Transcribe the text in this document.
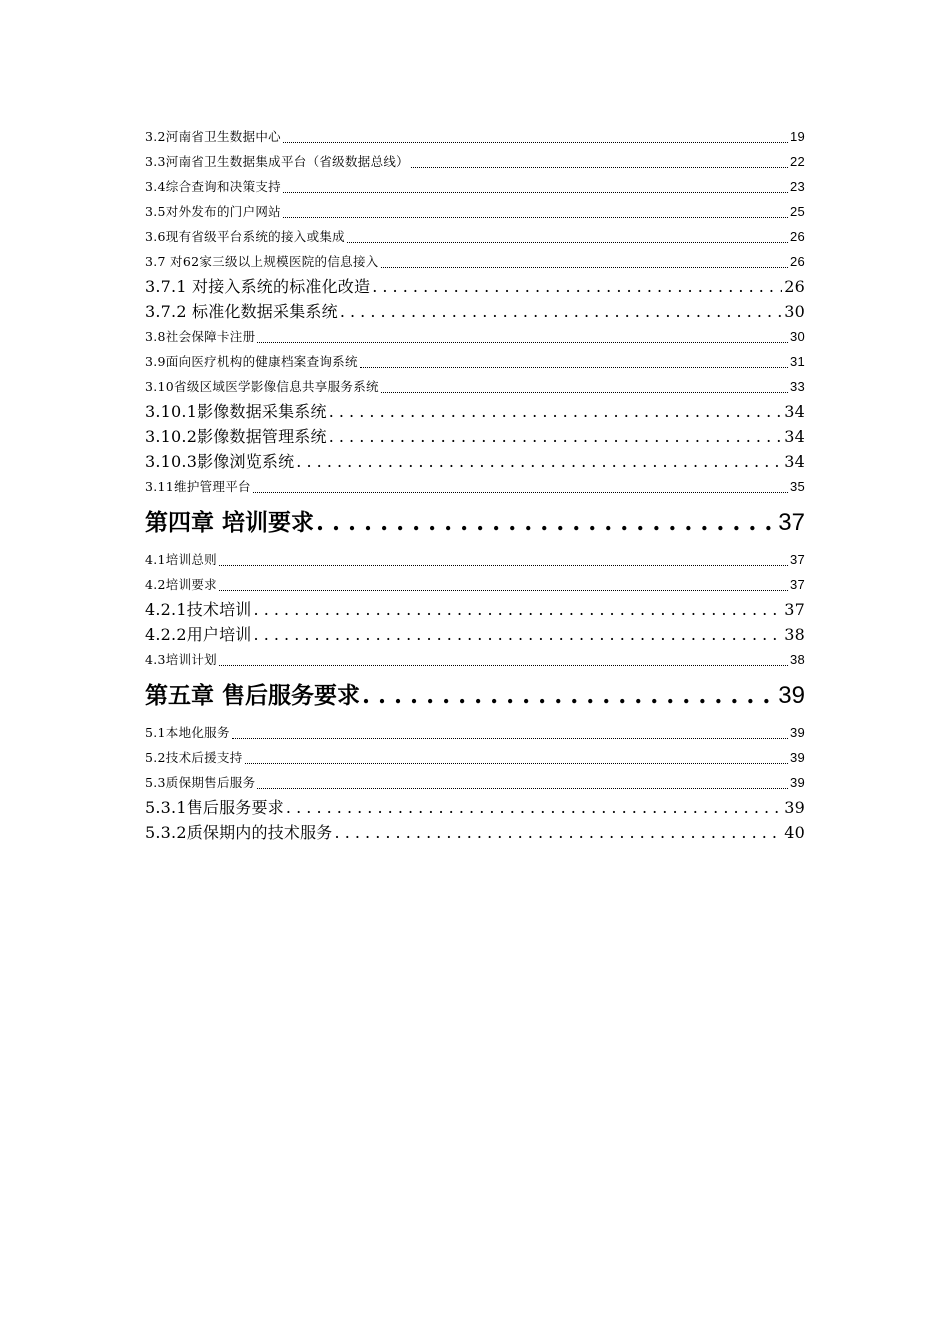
3.2河南省卫生数据中心	19
3.3河南省卫生数据集成平台（省级数据总线）	22
3.4综合查询和决策支持	23
3.5对外发布的门户网站	25
3.6现有省级平台系统的接入或集成	26
3.7 对62家三级以上规模医院的信息接入	26
3.7.1 对接入系统的标准化改造 . . .	26
3.7.2 标准化数据采集系统 . . .	30
3.8社会保障卡注册	30
3.9面向医疗机构的健康档案查询系统	31
3.10省级区域医学影像信息共享服务系统	33
3.10.1影像数据采集系统 . . .	34
3.10.2影像数据管理系统 . . .	34
3.10.3影像浏览系统 . . .	34
3.11维护管理平台	35
第四章 培训要求 . . .	37
4.1培训总则	37
4.2培训要求	37
4.2.1技术培训 . . .	37
4.2.2用户培训 . . .	38
4.3培训计划	38
第五章 售后服务要求 . . .	39
5.1本地化服务	39
5.2技术后援支持	39
5.3质保期售后服务	39
5.3.1售后服务要求 . . .	39
5.3.2质保期内的技术服务 . . .	40
